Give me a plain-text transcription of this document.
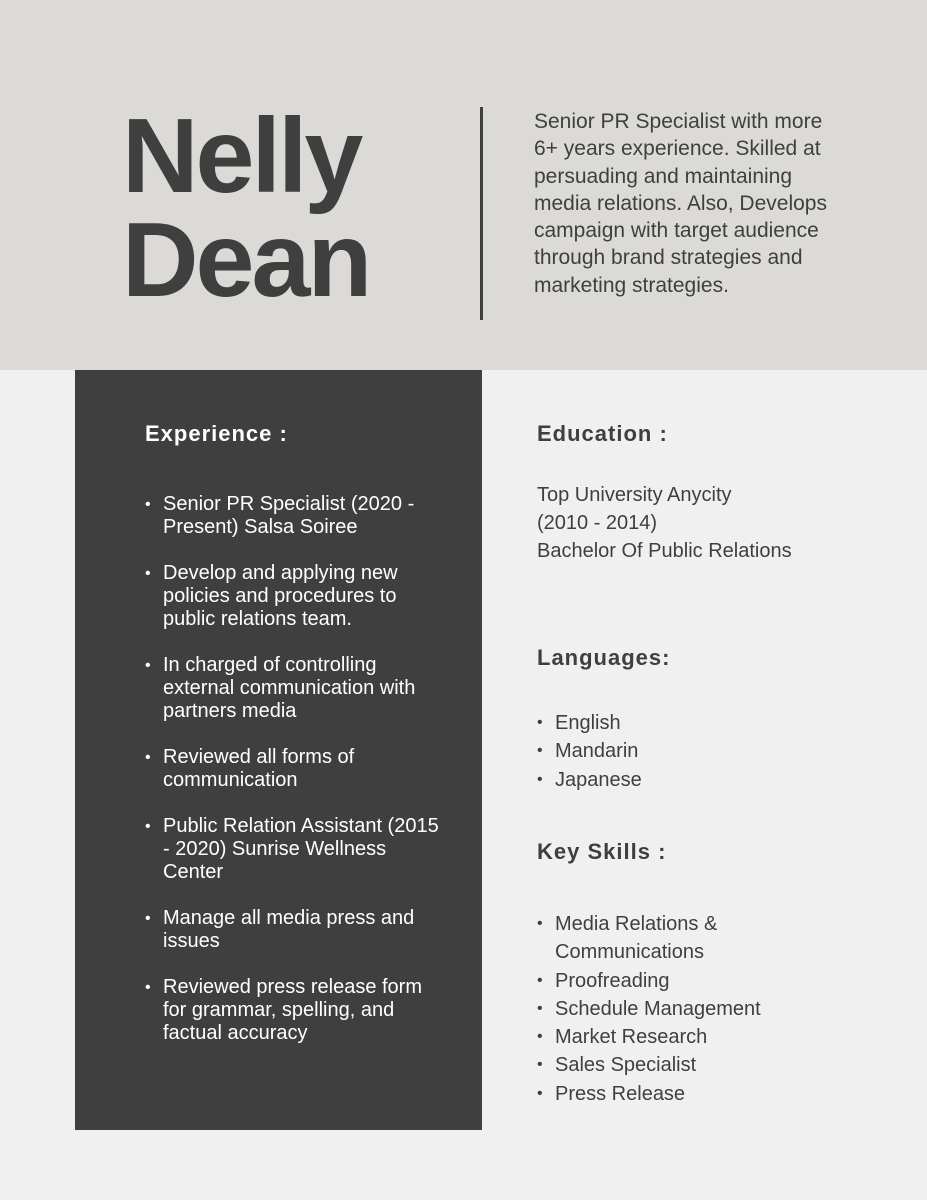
Nelly
Dean
Senior PR Specialist with more 6+ years experience. Skilled at persuading and maintaining media relations. Also, Develops campaign with target audience through brand strategies and marketing strategies.
Experience :
• Senior PR Specialist (2020 - Present) Salsa Soiree
• Develop and applying new policies and procedures to public relations team.
• In charged of controlling external communication with partners media
• Reviewed all forms of communication
• Public Relation Assistant (2015 - 2020) Sunrise Wellness Center
• Manage all media press and issues
• Reviewed press release form for grammar, spelling, and factual accuracy
Education :
Top University Anycity
(2010 - 2014)
Bachelor Of Public Relations
Languages:
• English
• Mandarin
• Japanese
Key Skills :
• Media Relations & Communications
• Proofreading
• Schedule Management
• Market Research
• Sales Specialist
• Press Release
